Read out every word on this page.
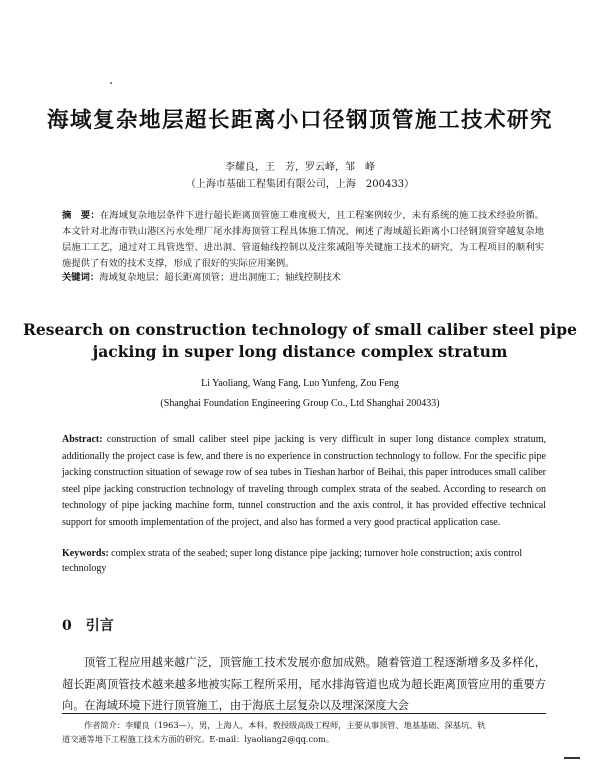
海域复杂地层超长距离小口径钢顶管施工技术研究
李耀良，王　芳，罗云峰，邹　峰
（上海市基础工程集团有限公司，上海　200433）
摘　要：在海域复杂地层条件下进行超长距离顶管施工难度极大，且工程案例较少，未有系统的施工技术经验所循。本文针对北海市铁山港区污水处理厂尾水排海顶管工程具体施工情况，阐述了海域超长距离小口径钢顶管穿越复杂地层施工工艺，通过对工具管选型、进出洞、管道轴线控制以及注浆减阻等关键施工技术的研究，为工程项目的顺利实施提供了有效的技术支撑，形成了很好的实际应用案例。
关键词：海域复杂地层；超长距离顶管；进出洞施工；轴线控制技术
Research on construction technology of small caliber steel pipe
jacking in super long distance complex stratum
Li Yaoliang, Wang Fang, Luo Yunfeng, Zou Feng
(Shanghai Foundation Engineering Group Co., Ltd Shanghai 200433)
Abstract: construction of small caliber steel pipe jacking is very difficult in super long distance complex stratum, additionally the project case is few, and there is no experience in construction technology to follow. For the specific pipe jacking construction situation of sewage row of sea tubes in Tieshan harbor of Beihai, this paper introduces small caliber steel pipe jacking construction technology of traveling through complex strata of the seabed. According to research on technology of pipe jacking machine form, tunnel construction and the axis control, it has provided effective technical support for smooth implementation of the project, and also has formed a very good practical application case.
Keywords: complex strata of the seabed; super long distance pipe jacking; turnover hole construction; axis control technology
0 引言
顶管工程应用越来越广泛，顶管施工技术发展亦愈加成熟。随着管道工程逐渐增多及多样化，超长距离顶管技术越来越多地被实际工程所采用，尾水排海管道也成为超长距离顶管应用的重要方向。在海域环境下进行顶管施工，由于海底土层复杂以及埋深深度大会
作者简介：李耀良（1963—），男，上海人，本科，教授级高级工程师，主要从事顶管、地基基础、深基坑、轨
道交通等地下工程施工技术方面的研究。E-mail：lyaoliang2@qq.com。
